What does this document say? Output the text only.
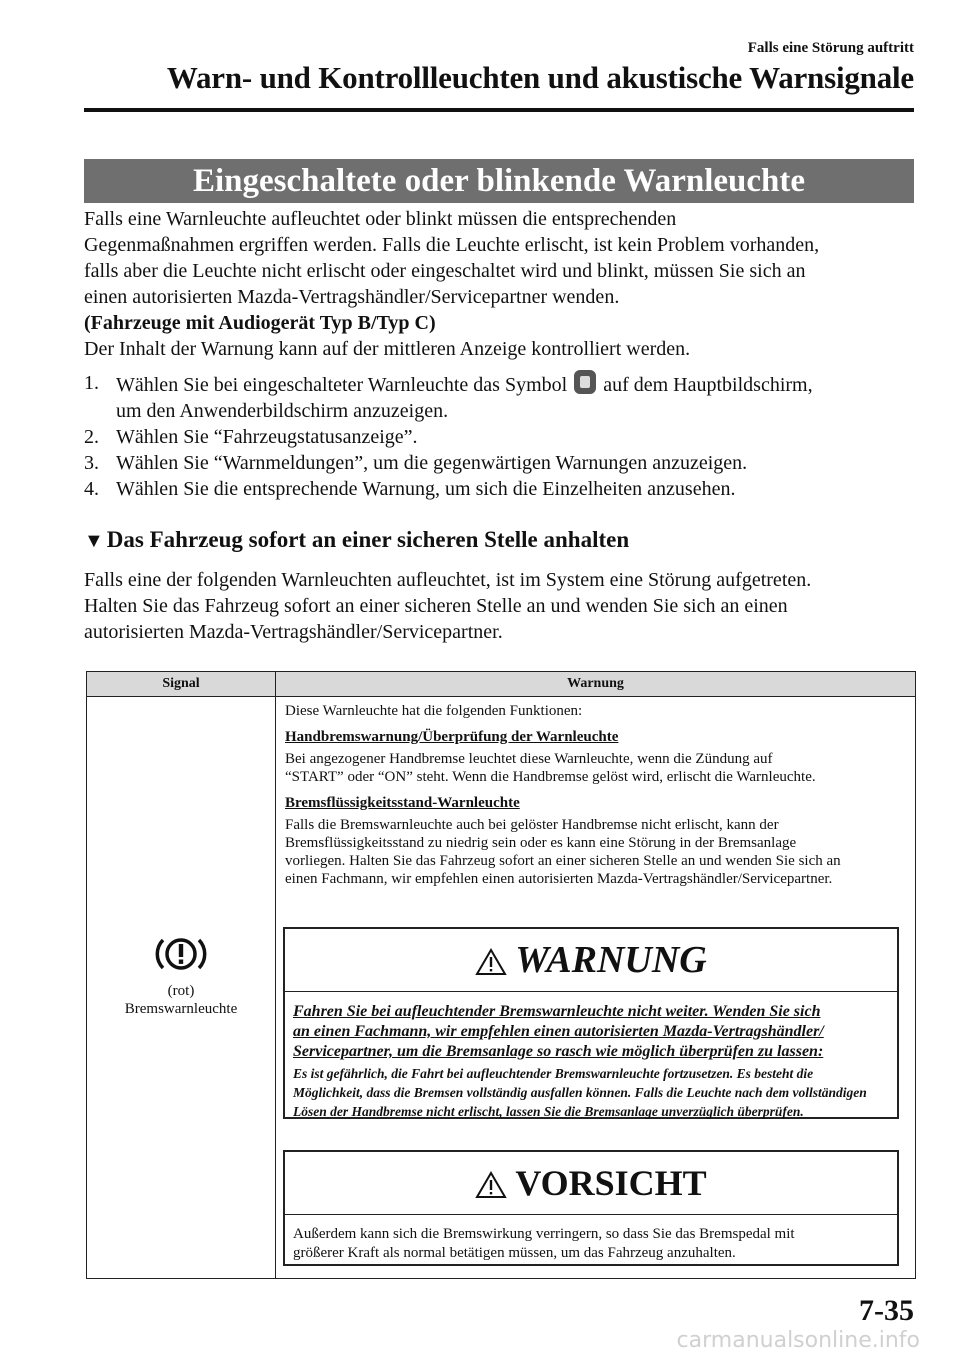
Falls eine Störung auftritt
Warn- und Kontrollleuchten und akustische Warnsignale
Eingeschaltete oder blinkende Warnleuchte

Falls eine Warnleuchte aufleuchtet oder blinkt müssen die entsprechenden

Gegenmaßnahmen ergriffen werden. Falls die Leuchte erlischt, ist kein Problem vorhanden,

falls aber die Leuchte nicht erlischt oder eingeschaltet wird und blinkt, müssen Sie sich an

einen autorisierten Mazda-Vertragshändler/Servicepartner wenden.

(Fahrzeuge mit Audiogerät Typ B/Typ C)

Der Inhalt der Warnung kann auf der mittleren Anzeige kontrolliert werden.

1. Wählen Sie bei eingeschalteter Warnleuchte das Symbol auf dem Hauptbildschirm,
um den Anwenderbildschirm anzuzeigen.
2. Wählen Sie “Fahrzeugstatusanzeige”.
3. Wählen Sie “Warnmeldungen”, um die gegenwärtigen Warnungen anzuzeigen.
4. Wählen Sie die entsprechende Warnung, um sich die Einzelheiten anzusehen.
▼ Das Fahrzeug sofort an einer sicheren Stelle anhalten

Falls eine der folgenden Warnleuchten aufleuchtet, ist im System eine Störung aufgetreten.

Halten Sie das Fahrzeug sofort an einer sicheren Stelle an und wenden Sie sich an einen

autorisierten Mazda-Vertragshändler/Servicepartner.

Signal	Warnung
(rot)
Bremswarnleuchte

Diese Warnleuchte hat die folgenden Funktionen:

Handbremswarnung/Überprüfung der Warnleuchte

Bei angezogener Handbremse leuchtet diese Warnleuchte, wenn die Zündung auf

“START” oder “ON” steht. Wenn die Handbremse gelöst wird, erlischt die Warnleuchte.

Bremsflüssigkeitsstand-Warnleuchte

Falls die Bremswarnleuchte auch bei gelöster Handbremse nicht erlischt, kann der

Bremsflüssigkeitsstand zu niedrig sein oder es kann eine Störung in der Bremsanlage

vorliegen. Halten Sie das Fahrzeug sofort an einer sicheren Stelle an und wenden Sie sich an

einen Fachmann, wir empfehlen einen autorisierten Mazda-Vertragshändler/Servicepartner.

WARNUNG

Fahren Sie bei aufleuchtender Bremswarnleuchte nicht weiter. Wenden Sie sich

an einen Fachmann, wir empfehlen einen autorisierten Mazda-Vertragshändler/

Servicepartner, um die Bremsanlage so rasch wie möglich überprüfen zu lassen:

Es ist gefährlich, die Fahrt bei aufleuchtender Bremswarnleuchte fortzusetzen. Es besteht die

Möglichkeit, dass die Bremsen vollständig ausfallen können. Falls die Leuchte nach dem vollständigen

Lösen der Handbremse nicht erlischt, lassen Sie die Bremsanlage unverzüglich überprüfen.

VORSICHT

Außerdem kann sich die Bremswirkung verringern, so dass Sie das Bremspedal mit

größerer Kraft als normal betätigen müssen, um das Fahrzeug anzuhalten.

7-35
carmanualsonline.info
